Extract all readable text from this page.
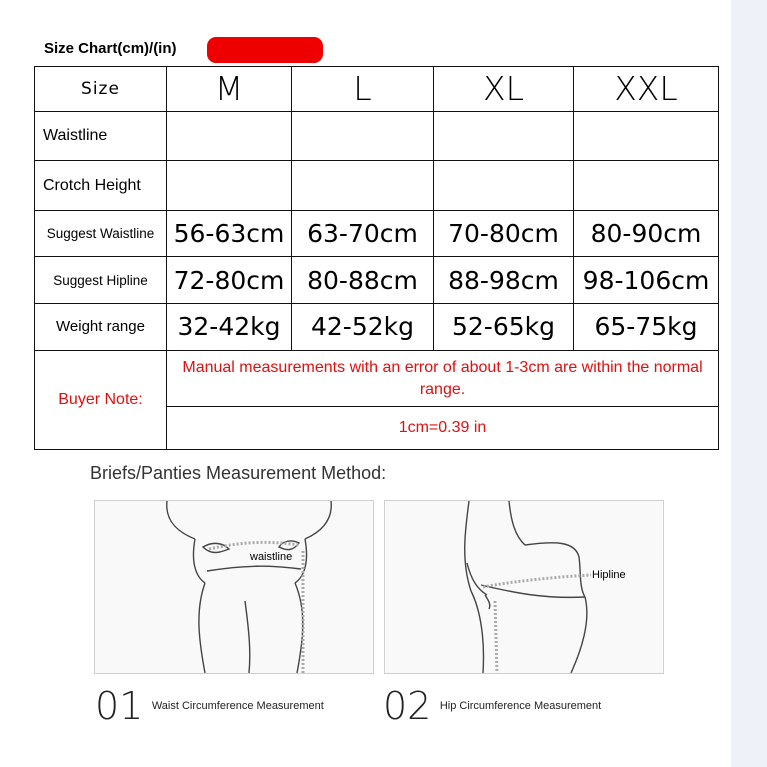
Size Chart(cm)/(in)
Size	M	L	XL	XXL
Waistline				
Crotch Height				
Suggest Waistline	56-63cm	63-70cm	70-80cm	80-90cm
Suggest Hipline	72-80cm	80-88cm	88-98cm	98-106cm
Weight range	32-42kg	42-52kg	52-65kg	65-75kg
Buyer Note:	Manual measurements with an error of about 1-3cm are within the normal range.			
	1cm=0.39 in			
Briefs/Panties Measurement Method:
waistline
Hipline
01 Waist Circumference Measurement 02 Hip Circumference Measurement
